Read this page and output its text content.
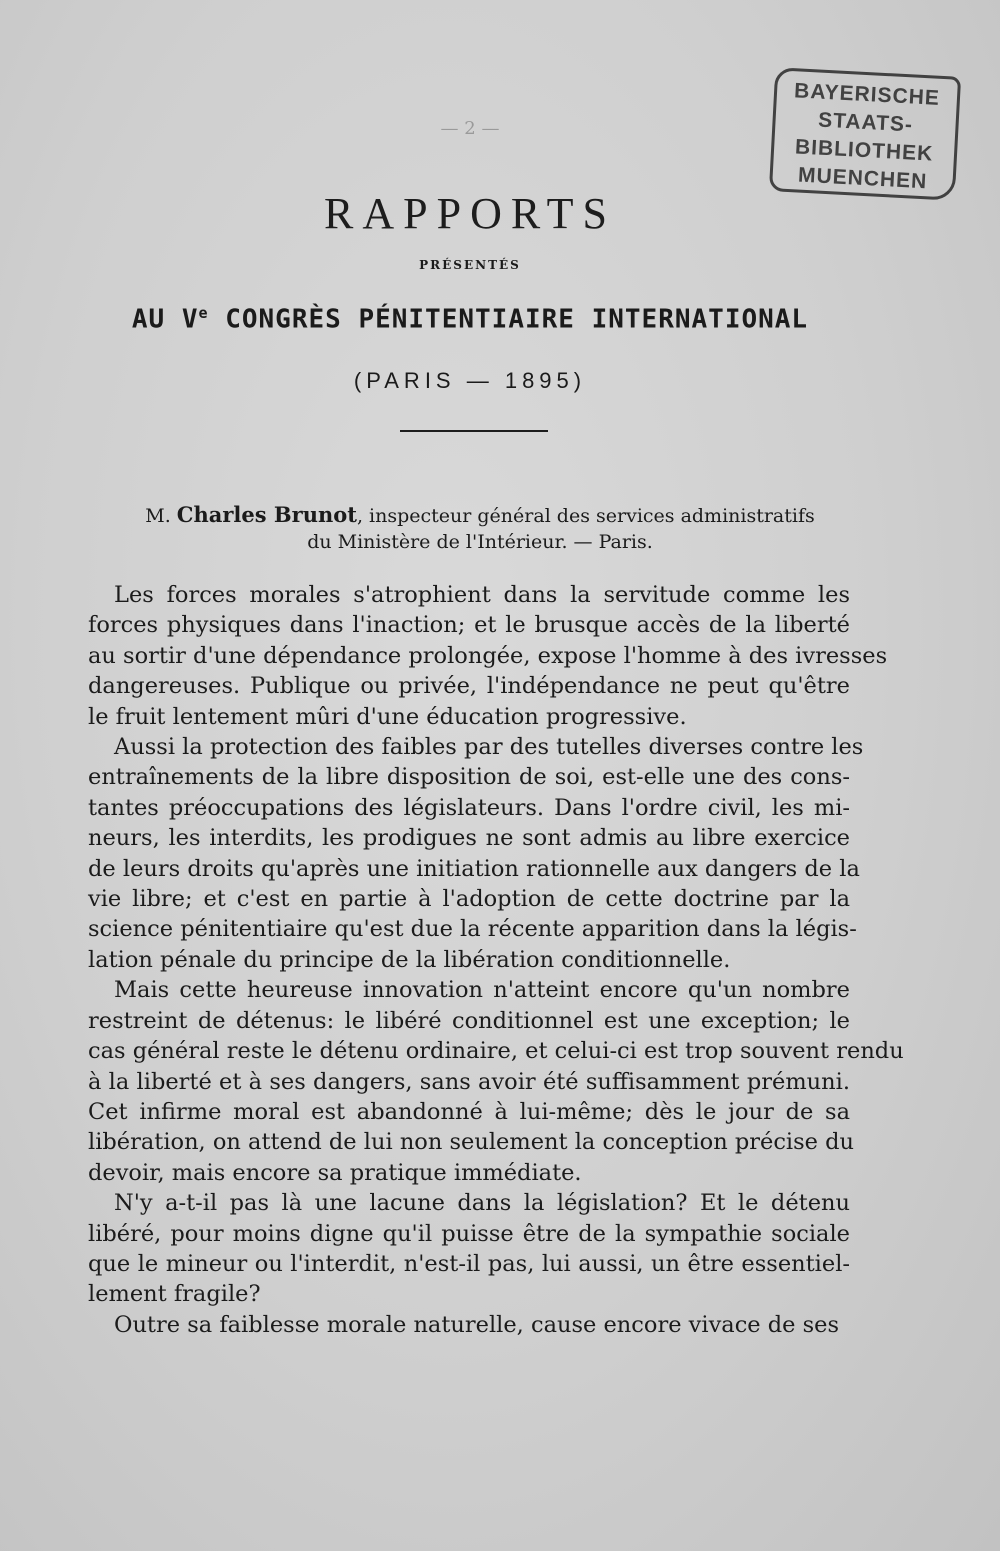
BAYERISCHE
STAATS-
BIBLIOTHEK
MUENCHEN
— 2 —
RAPPORTS
PRÉSENTÉS
AU Ve CONGRÈS PÉNITENTIAIRE INTERNATIONAL
(PARIS — 1895)
M. Charles Brunot, inspecteur général des services administratifs
du Ministère de l'Intérieur. — Paris.

Les forces morales s'atrophient dans la servitude comme les
forces physiques dans l'inaction; et le brusque accès de la liberté
au sortir d'une dépendance prolongée, expose l'homme à des ivresses
dangereuses. Publique ou privée, l'indépendance ne peut qu'être
le fruit lentement mûri d'une éducation progressive.

Aussi la protection des faibles par des tutelles diverses contre les
entraînements de la libre disposition de soi, est-elle une des cons-
tantes préoccupations des législateurs. Dans l'ordre civil, les mi-
neurs, les interdits, les prodigues ne sont admis au libre exercice
de leurs droits qu'après une initiation rationnelle aux dangers de la
vie libre; et c'est en partie à l'adoption de cette doctrine par la
science pénitentiaire qu'est due la récente apparition dans la légis-
lation pénale du principe de la libération conditionnelle.

Mais cette heureuse innovation n'atteint encore qu'un nombre
restreint de détenus: le libéré conditionnel est une exception; le
cas général reste le détenu ordinaire, et celui-ci est trop souvent rendu
à la liberté et à ses dangers, sans avoir été suffisamment prémuni.
Cet infirme moral est abandonné à lui-même; dès le jour de sa
libération, on attend de lui non seulement la conception précise du
devoir, mais encore sa pratique immédiate.

N'y a-t-il pas là une lacune dans la législation? Et le détenu
libéré, pour moins digne qu'il puisse être de la sympathie sociale
que le mineur ou l'interdit, n'est-il pas, lui aussi, un être essentiel-
lement fragile?

Outre sa faiblesse morale naturelle, cause encore vivace de ses
